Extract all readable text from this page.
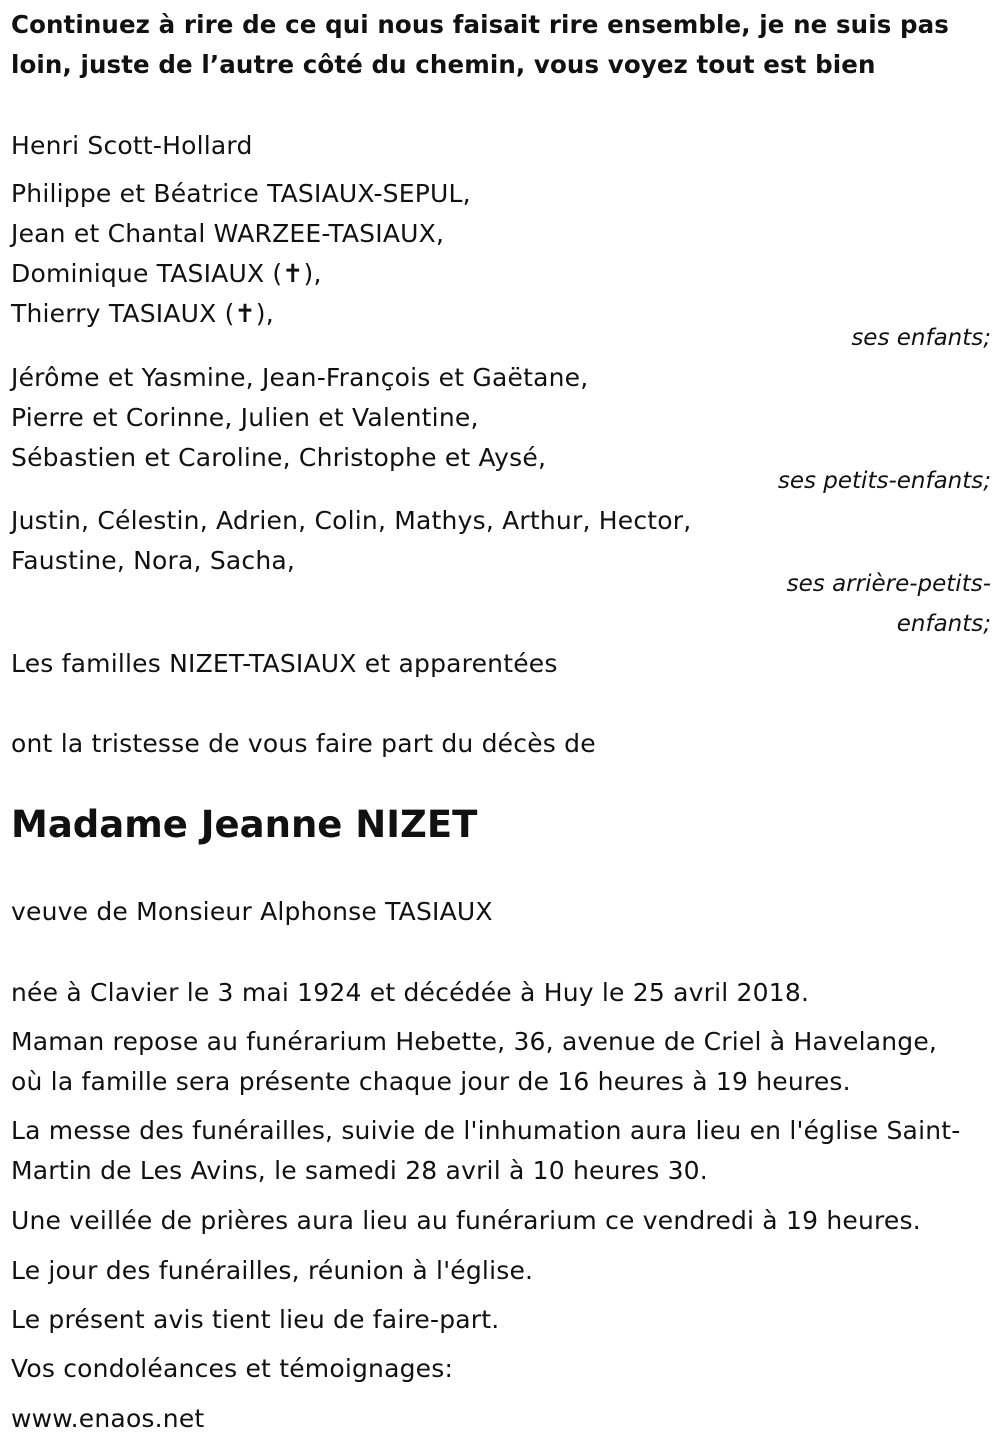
Continuez à rire de ce qui nous faisait rire ensemble, je ne suis pas
loin, juste de l’autre côté du chemin, vous voyez tout est bien
Henri Scott-Hollard
Philippe et Béatrice TASIAUX-SEPUL,
Jean et Chantal WARZEE-TASIAUX,
Dominique TASIAUX (✝),
Thierry TASIAUX (✝),
ses enfants;
Jérôme et Yasmine, Jean-François et Gaëtane,
Pierre et Corinne, Julien et Valentine,
Sébastien et Caroline, Christophe et Aysé,
ses petits-enfants;
Justin, Célestin, Adrien, Colin, Mathys, Arthur, Hector,
Faustine, Nora, Sacha,
ses arrière-petits-
enfants;
Les familles NIZET-TASIAUX et apparentées
ont la tristesse de vous faire part du décès de
Madame Jeanne NIZET
veuve de Monsieur Alphonse TASIAUX
née à Clavier le 3 mai 1924 et décédée à Huy le 25 avril 2018.
Maman repose au funérarium Hebette, 36, avenue de Criel à Havelange,
où la famille sera présente chaque jour de 16 heures à 19 heures.
La messe des funérailles, suivie de l'inhumation aura lieu en l'église Saint-
Martin de Les Avins, le samedi 28 avril à 10 heures 30.
Une veillée de prières aura lieu au funérarium ce vendredi à 19 heures.
Le jour des funérailles, réunion à l'église.
Le présent avis tient lieu de faire-part.
Vos condoléances et témoignages:
www.enaos.net
